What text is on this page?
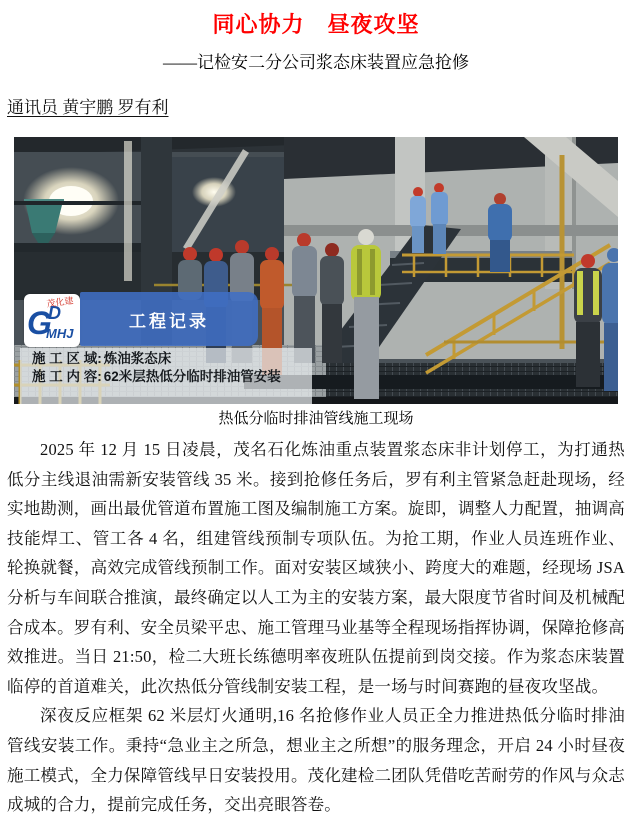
同心协力　昼夜攻坚
——记检安二分公司浆态床装置应急抢修
通讯员 黄宇鹏 罗有利
G
D
MHJ
茂化建
工程记录
施 工 区 域: 炼油浆态床
施 工 内 容: 62米层热低分临时排油管安装
热低分临时排油管线施工现场

2025 年 12 月 15 日凌晨，茂名石化炼油重点装置浆态床非计划停工，为打通热低分主线退油需新安装管线 35 米。接到抢修任务后，罗有利主管紧急赶赴现场，经实地勘测，画出最优管道布置施工图及编制施工方案。旋即，调整人力配置，抽调高技能焊工、管工各 4 名，组建管线预制专项队伍。为抢工期，作业人员连班作业、轮换就餐，高效完成管线预制工作。面对安装区域狭小、跨度大的难题，经现场 JSA 分析与车间联合推演，最终确定以人工为主的安装方案，最大限度节省时间及机械配合成本。罗有利、安全员梁平忠、施工管理马业基等全程现场指挥协调，保障抢修高效推进。当日 21:50，检二大班长练德明率夜班队伍提前到岗交接。作为浆态床装置临停的首道难关，此次热低分管线制安装工程，是一场与时间赛跑的昼夜攻坚战。

深夜反应框架 62 米层灯火通明,16 名抢修作业人员正全力推进热低分临时排油管线安装工作。秉持“急业主之所急，想业主之所想”的服务理念，开启 24 小时昼夜施工模式，全力保障管线早日安装投用。茂化建检二团队凭借吃苦耐劳的作风与众志成城的合力，提前完成任务，交出亮眼答卷。
